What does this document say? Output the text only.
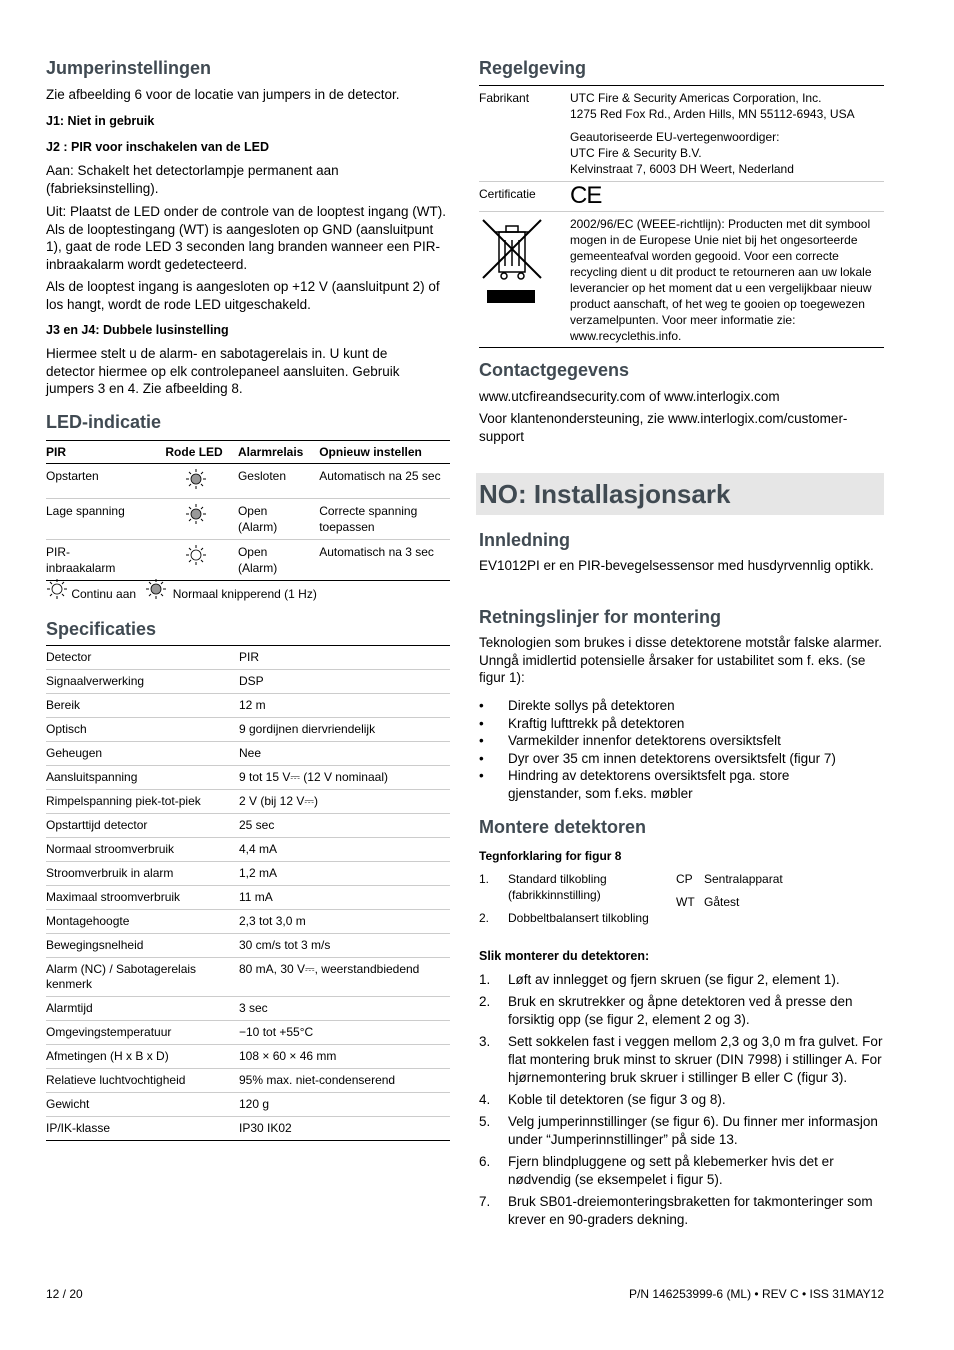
Jumperinstellingen
Zie afbeelding 6 voor de locatie van jumpers in de detector.
J1: Niet in gebruik
J2 : PIR voor inschakelen van de LED
Aan: Schakelt het detectorlampje permanent aan (fabrieksinstelling).
Uit: Plaatst de LED onder de controle van de looptest ingang (WT). Als de looptestingang (WT) is aangesloten op GND (aansluitpunt 1), gaat de rode LED 3 seconden lang branden wanneer een PIR-inbraakalarm wordt gedetecteerd.
Als de looptest ingang is aangesloten op +12 V (aansluitpunt 2) of los hangt, wordt de rode LED uitgeschakeld.
J3 en J4: Dubbele lusinstelling
Hiermee stelt u de alarm- en sabotagerelais in. U kunt de detector hiermee op elk controlepaneel aansluiten. Gebruik jumpers 3 en 4. Zie afbeelding 8.
LED-indicatie
PIR	Rode LED	Alarmrelais	Opnieuw instellen
Opstarten		Gesloten	Automatisch na 25 sec
Lage spanning		Open (Alarm)	Correcte spanning toepassen
PIR-inbraakalarm		Open (Alarm)	Automatisch na 3 sec
Continu aan	Normaal knipperend (1 Hz)
Specificaties
Detector	PIR
Signaalverwerking	DSP
Bereik	12 m
Optisch	9 gordijnen diervriendelijk
Geheugen	Nee
Aansluitspanning	9 tot 15 V⎓ (12 V nominaal)
Rimpelspanning piek-tot-piek	2 V (bij 12 V⎓)
Opstarttijd detector	25 sec
Normaal stroomverbruik	4,4 mA
Stroomverbruik in alarm	1,2 mA
Maximaal stroomverbruik	11 mA
Montagehoogte	2,3 tot 3,0 m
Bewegingsnelheid	30 cm/s tot 3 m/s
Alarm (NC) / Sabotagerelais kenmerk	80 mA, 30 V⎓, weerstandbiedend
Alarmtijd	3 sec
Omgevingstemperatuur	−10 tot +55°C
Afmetingen (H x B x D)	108 × 60 × 46 mm
Relatieve luchtvochtigheid	95% max. niet-condenserend
Gewicht	120 g
IP/IK-klasse	IP30 IK02
12 / 20
Regelgeving
Fabrikant	UTC Fire & Security Americas Corporation, Inc.
1275 Red Fox Rd., Arden Hills, MN 55112-6943, USA
Geautoriseerde EU-vertegenwoordiger:
UTC Fire & Security B.V.
Kelvinstraat 7, 6003 DH Weert, Nederland

Certificatie	CE
	2002/96/EC (WEEE-richtlijn): Producten met dit symbool mogen in de Europese Unie niet bij het ongesorteerde gemeenteafval worden gegooid. Voor een correcte recycling dient u dit product te retourneren aan uw lokale leverancier op het moment dat u een vergelijkbaar nieuw product aanschaft, of het weg te gooien op toegewezen verzamelpunten. Voor meer informatie zie: www.recyclethis.info.
Contactgegevens
www.utcfireandsecurity.com of www.interlogix.com
Voor klantenondersteuning, zie www.interlogix.com/customer-support
NO: Installasjonsark
Innledning
EV1012PI er en PIR-bevegelsessensor med husdyrvennlig optikk.
Retningslinjer for montering
Teknologien som brukes i disse detektorene motstår falske alarmer. Unngå imidlertid potensielle årsaker for ustabilitet som f. eks. (se figur 1):
• Direkte sollys på detektoren
• Kraftig lufttrekk på detektoren
• Varmekilder innenfor detektorens oversiktsfelt
• Dyr over 35 cm innen detektorens oversiktsfelt (figur 7)
• Hindring av detektorens oversiktsfelt pga. store gjenstander, som f.eks. møbler
Montere detektoren
Tegnforklaring for figur 8
1. Standard tilkobling (fabrikkinnstilling)
2. Dobbeltbalansert tilkobling
CP Sentralapparat
WT Gåtest
Slik monterer du detektoren:
1. Løft av innlegget og fjern skruen (se figur 2, element 1).
2. Bruk en skrutrekker og åpne detektoren ved å presse den forsiktig opp (se figur 2, element 2 og 3).
3. Sett sokkelen fast i veggen mellom 2,3 og 3,0 m fra gulvet. For flat montering bruk minst to skruer (DIN 7998) i stillinger A. For hjørnemontering bruk skruer i stillinger B eller C (figur 3).
4. Koble til detektoren (se figur 3 og 8).
5. Velg jumperinnstillinger (se figur 6). Du finner mer informasjon under “Jumperinnstillinger” på side 13.
6. Fjern blindpluggene og sett på klebemerker hvis det er nødvendig (se eksempelet i figur 5).
7. Bruk SB01-dreiemonteringsbraketten for takmonteringer som krever en 90-graders dekning.
P/N 146253999-6 (ML) • REV C • ISS 31MAY12
